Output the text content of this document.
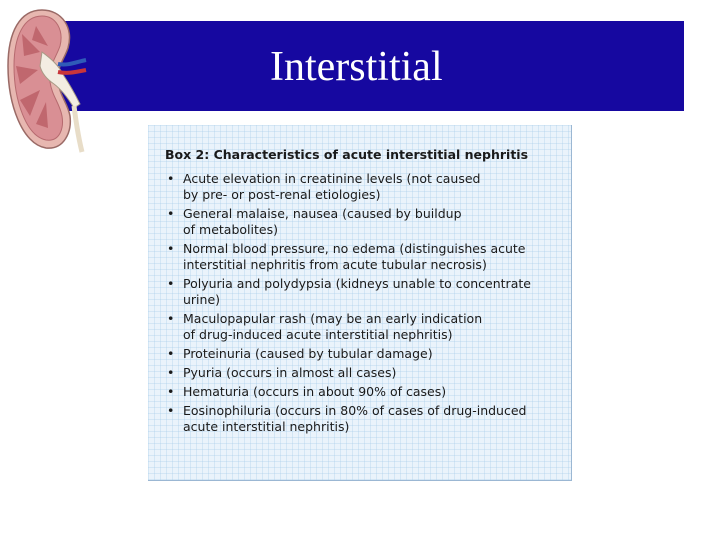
Interstitial
Box 2: Characteristics of acute interstitial nephritis
• Acute elevation in creatinine levels (not caused
by pre- or post-renal etiologies)
• General malaise, nausea (caused by buildup
of metabolites)
• Normal blood pressure, no edema (distinguishes acute
interstitial nephritis from acute tubular necrosis)
• Polyuria and polydypsia (kidneys unable to concentrate
urine)
• Maculopapular rash (may be an early indication
of drug-induced acute interstitial nephritis)
• Proteinuria (caused by tubular damage)
• Pyuria (occurs in almost all cases)
• Hematuria (occurs in about 90% of cases)
• Eosinophiluria (occurs in 80% of cases of drug-induced
acute interstitial nephritis)
